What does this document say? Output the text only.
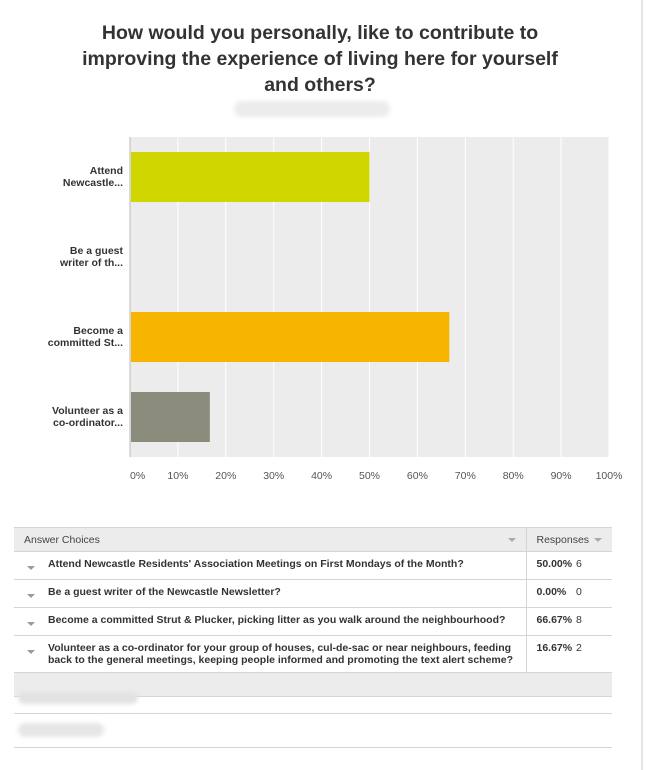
How would you personally, like to contribute to improving the experience of living here for yourself and others?
Attend Newcastle...
Be a guest writer of th...
Become a committed St...
Volunteer as a co-ordinator...
0% 10%	20%	30%	40%	50%	60%	70%	80%	90% 100%
Answer Choices		Responses	

	Attend Newcastle Residents' Association Meetings on First Mondays of the Month?	50.00%	6
	Be a guest writer of the Newcastle Newsletter?	0.00%	0
	Become a committed Strut & Plucker, picking litter as you walk around the neighbourhood?	66.67%	8
	Volunteer as a co-ordinator for your group of houses, cul-de-sac or near neighbours, feeding back to the general meetings, keeping people informed and promoting the text alert scheme?	16.67%	2
